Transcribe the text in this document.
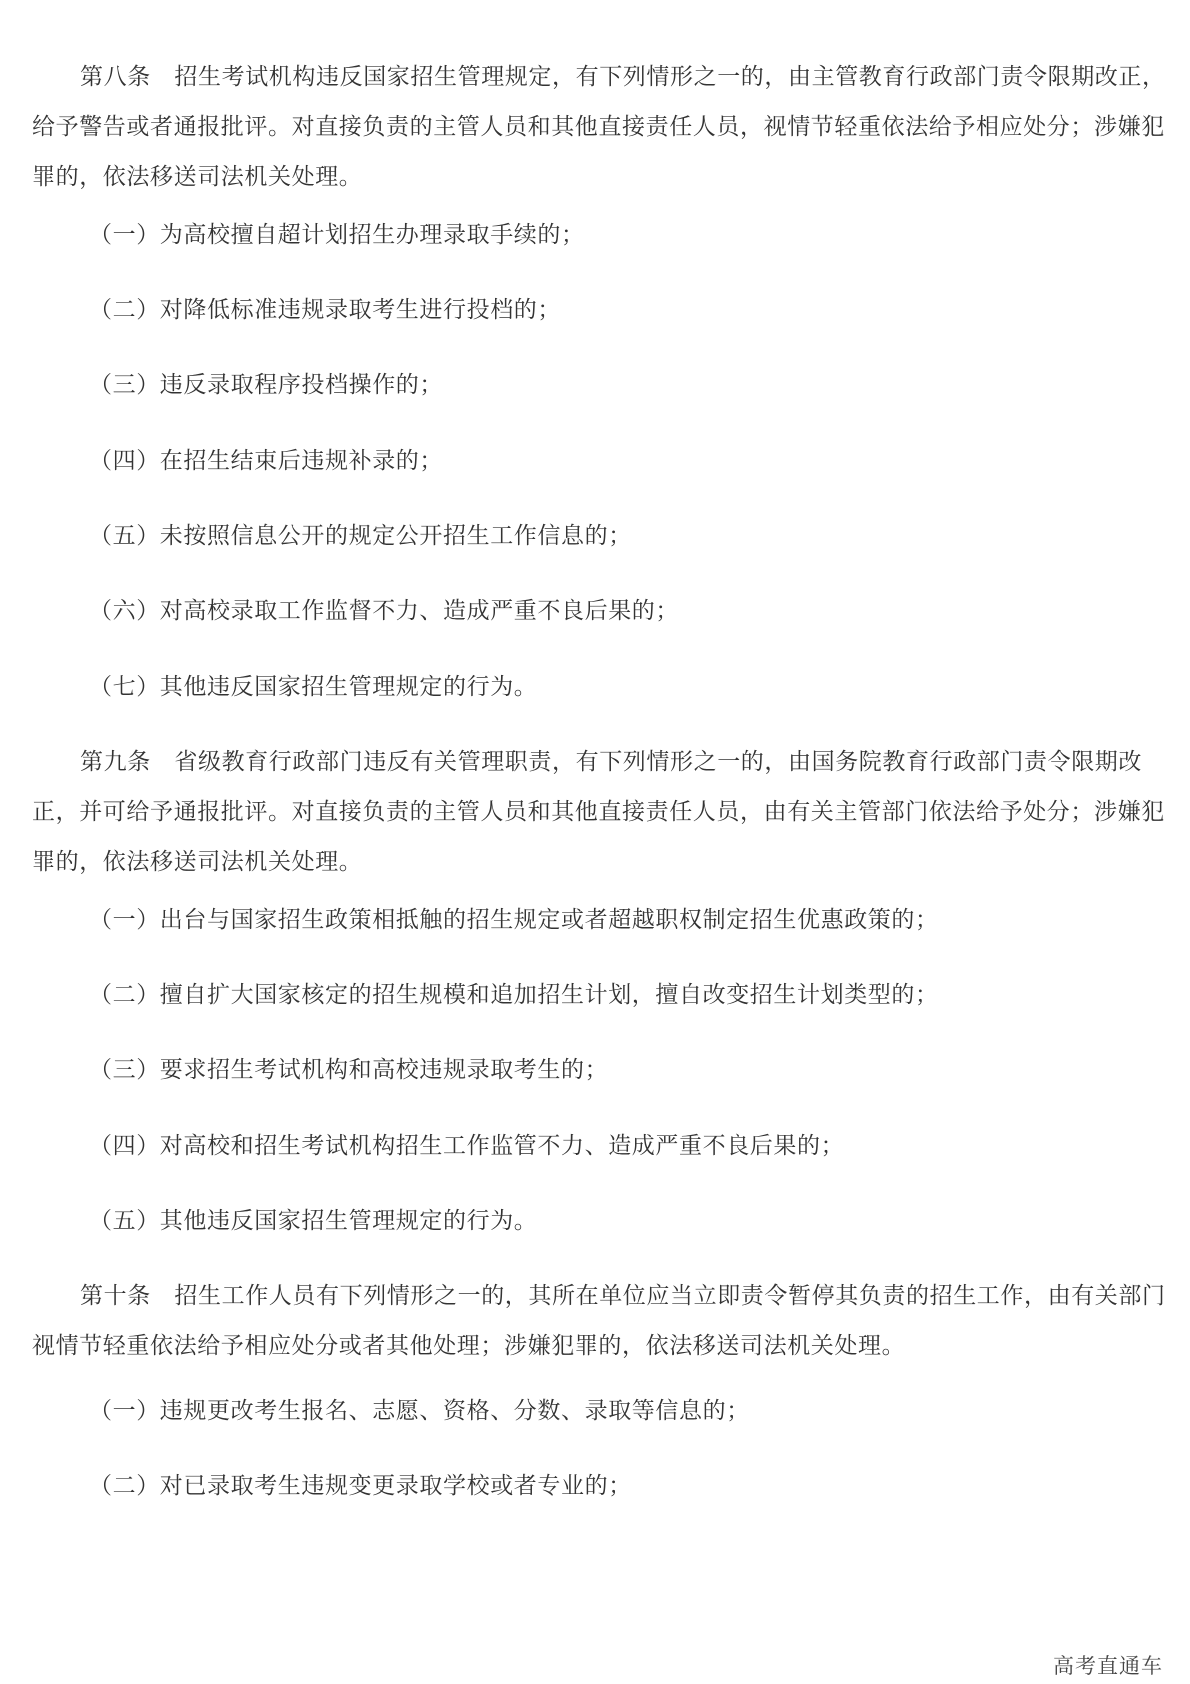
第八条　招生考试机构违反国家招生管理规定，有下列情形之一的，由主管教育行政部门责令限期改正，给予警告或者通报批评。对直接负责的主管人员和其他直接责任人员，视情节轻重依法给予相应处分；涉嫌犯罪的，依法移送司法机关处理。

（一）为高校擅自超计划招生办理录取手续的；

（二）对降低标准违规录取考生进行投档的；

（三）违反录取程序投档操作的；

（四）在招生结束后违规补录的；

（五）未按照信息公开的规定公开招生工作信息的；

（六）对高校录取工作监督不力、造成严重不良后果的；

（七）其他违反国家招生管理规定的行为。

第九条　省级教育行政部门违反有关管理职责，有下列情形之一的，由国务院教育行政部门责令限期改正，并可给予通报批评。对直接负责的主管人员和其他直接责任人员，由有关主管部门依法给予处分；涉嫌犯罪的，依法移送司法机关处理。

（一）出台与国家招生政策相抵触的招生规定或者超越职权制定招生优惠政策的；

（二）擅自扩大国家核定的招生规模和追加招生计划，擅自改变招生计划类型的；

（三）要求招生考试机构和高校违规录取考生的；

（四）对高校和招生考试机构招生工作监管不力、造成严重不良后果的；

（五）其他违反国家招生管理规定的行为。

第十条　招生工作人员有下列情形之一的，其所在单位应当立即责令暂停其负责的招生工作，由有关部门视情节轻重依法给予相应处分或者其他处理；涉嫌犯罪的，依法移送司法机关处理。

（一）违规更改考生报名、志愿、资格、分数、录取等信息的；

（二）对已录取考生违规变更录取学校或者专业的；

高考直通车
